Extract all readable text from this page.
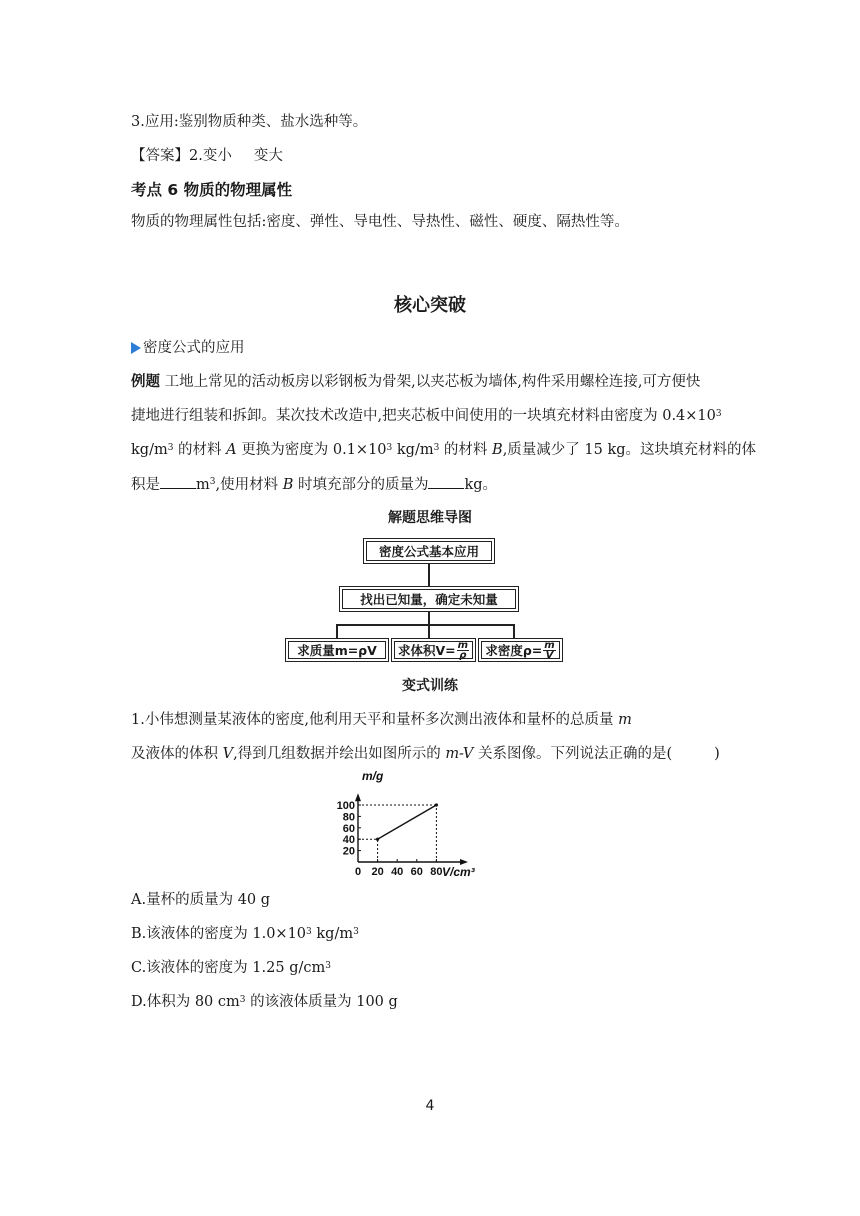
3.应用:鉴别物质种类、盐水选种等。
【答案】2.变小 变大
考点 6 物质的物理属性
物质的物理属性包括:密度、弹性、导电性、导热性、磁性、硬度、隔热性等。
核心突破
密度公式的应用
例题 工地上常见的活动板房以彩钢板为骨架,以夹芯板为墙体,构件采用螺栓连接,可方便快
捷地进行组装和拆卸。某次技术改造中,把夹芯板中间使用的一块填充材料由密度为 $0.4\times 10^3$
$kg/m^3$ 的材料 A 更换为密度为 $0.1\times 10^3$ $kg/m^3$ 的材料 B,质量减少了 15 kg。这块填充材料的体
积是 $m^3$,使用材料 B 时填充部分的质量为 kg。
解题思维导图
密度公式基本应用
找出已知量，确定未知量
求质量m=ρV 求体积$V= \frac{m}{\rho}$ 求密度$\rho= \frac{m}{V}$
变式训练
1.小伟想测量某液体的密度,他利用天平和量杯多次测出液体和量杯的总质量 m
及液体的体积 V,得到几组数据并绘出如图所示的 m-V 关系图像。下列说法正确的是(	)
m/g
V/cm³
0 20 40 60 80
20
40
60
80
100
A.量杯的质量为 40 g
B.该液体的密度为 $1.0\times 10^3$ $kg/m^3$
C.该液体的密度为 1.25 $g/cm^3$
D.体积为 80 $cm^3$ 的该液体质量为 100 g
4
